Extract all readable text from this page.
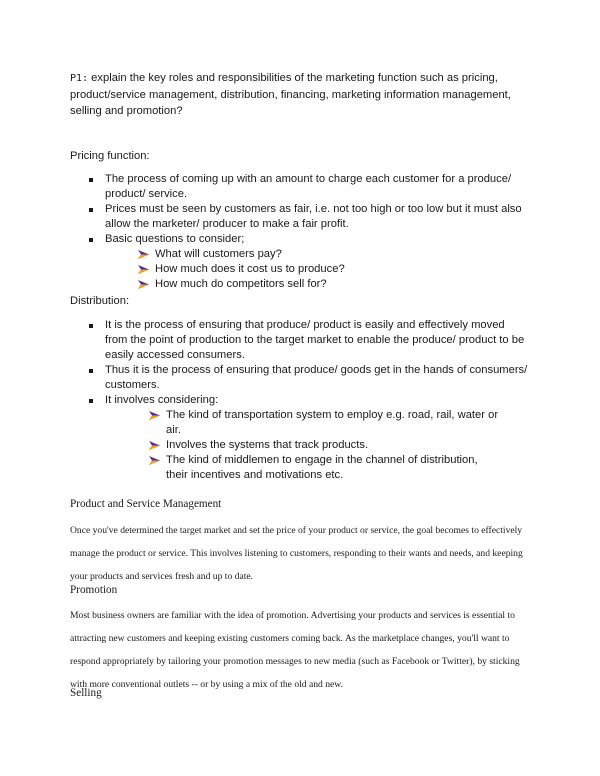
P1: explain the key roles and responsibilities of the marketing function such as pricing, product/service management, distribution, financing, marketing information management, selling and promotion?
Pricing function:
The process of coming up with an amount to charge each customer for a produce/ product/ service.
Prices must be seen by customers as fair, i.e. not too high or too low but it must also allow the marketer/ producer to make a fair profit.
Basic questions to consider;
What will customers pay?
How much does it cost us to produce?
How much do competitors sell for?
Distribution:
It is the process of ensuring that produce/ product is easily and effectively moved from the point of production to the target market to enable the produce/ product to be easily accessed consumers.
Thus it is the process of ensuring that produce/ goods get in the hands of consumers/ customers.
It involves considering:
The kind of transportation system to employ e.g. road, rail, water or air.
Involves the systems that track products.
The kind of middlemen to engage in the channel of distribution, their incentives and motivations etc.
Product and Service Management
Once you've determined the target market and set the price of your product or service, the goal becomes to effectively manage the product or service. This involves listening to customers, responding to their wants and needs, and keeping your products and services fresh and up to date.
Promotion
Most business owners are familiar with the idea of promotion. Advertising your products and services is essential to attracting new customers and keeping existing customers coming back. As the marketplace changes, you'll want to respond appropriately by tailoring your promotion messages to new media (such as Facebook or Twitter), by sticking with more conventional outlets -- or by using a mix of the old and new.
Selling
